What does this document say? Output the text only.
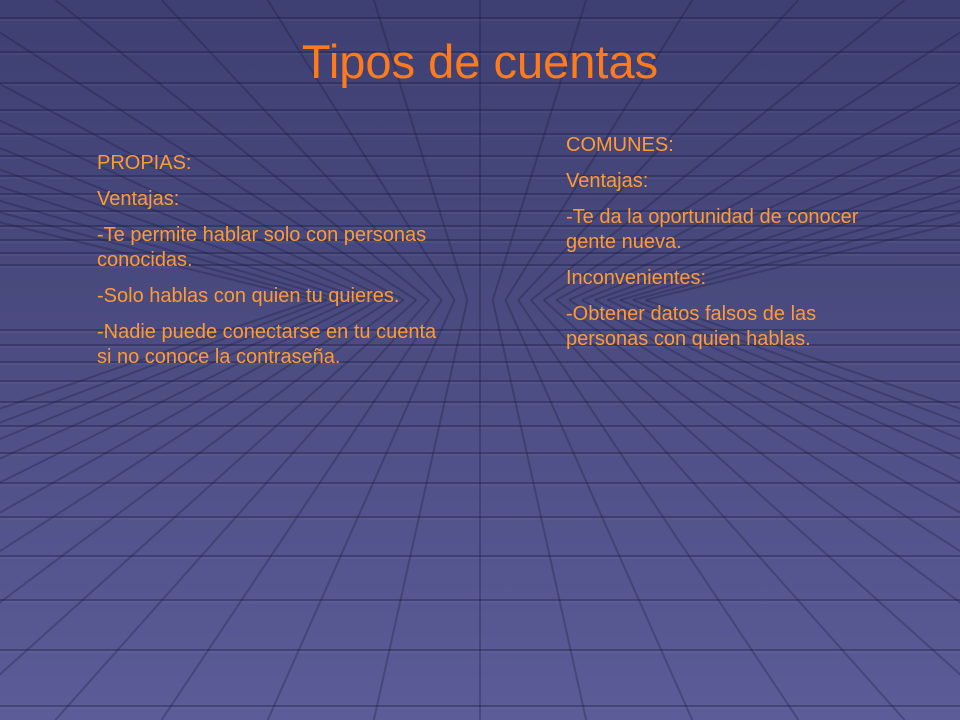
Tipos de cuentas

PROPIAS:

Ventajas:

-Te permite hablar solo con personas conocidas.

-Solo hablas con quien tu quieres.

-Nadie puede conectarse en tu cuenta si no conoce la contraseña.

COMUNES:

Ventajas:

-Te da la oportunidad de conocer gente nueva.

Inconvenientes:

-Obtener datos falsos de las personas con quien hablas.
